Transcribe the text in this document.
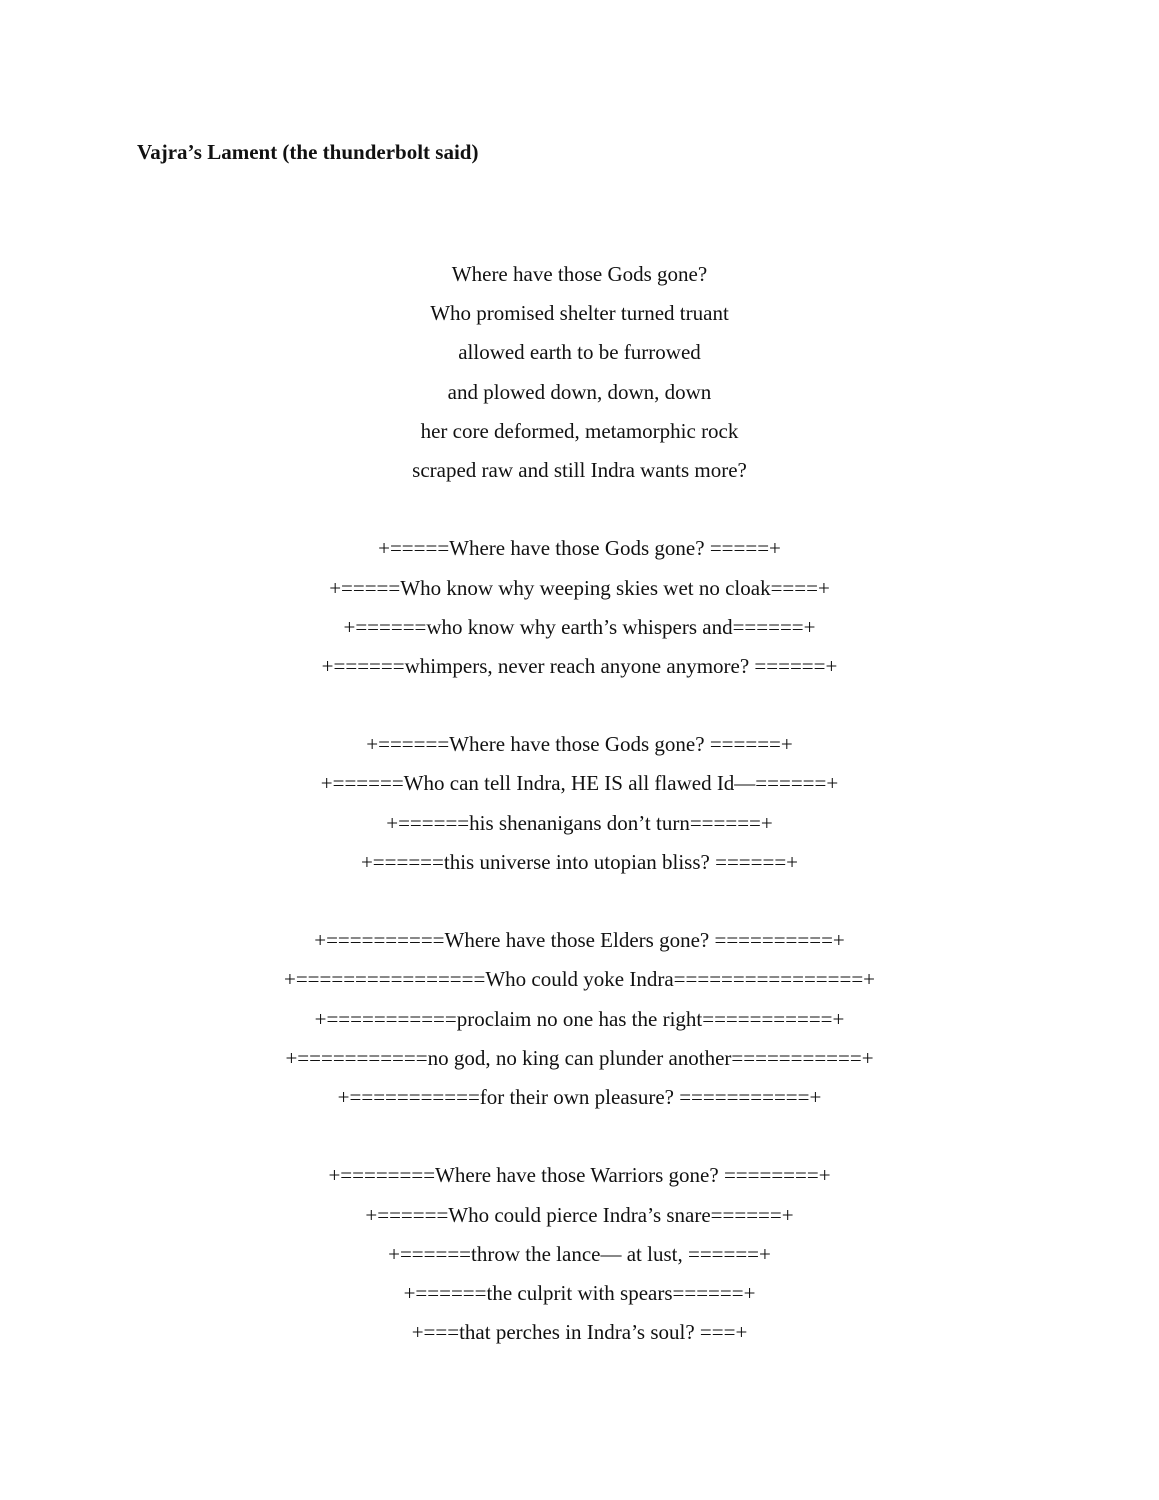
Vajra’s Lament (the thunderbolt said)
Where have those Gods gone?
Who promised shelter turned truant
allowed earth to be furrowed
and plowed down, down, down
her core deformed, metamorphic rock
scraped raw and still Indra wants more?
+=====Where have those Gods gone? =====+
+=====Who know why weeping skies wet no cloak====+
+======who know why earth’s whispers and======+
+======whimpers, never reach anyone anymore? ======+
+======Where have those Gods gone? ======+
+======Who can tell Indra, HE IS all flawed Id—======+
+======his shenanigans don’t turn======+
+======this universe into utopian bliss? ======+
+==========Where have those Elders gone? ==========+
+================Who could yoke Indra================+
+===========proclaim no one has the right===========+
+===========no god, no king can plunder another===========+
+===========for their own pleasure? ===========+
+========Where have those Warriors gone? ========+
+======Who could pierce Indra’s snare======+
+======throw the lance— at lust, ======+
+======the culprit with spears======+
+===that perches in Indra’s soul? ===+
